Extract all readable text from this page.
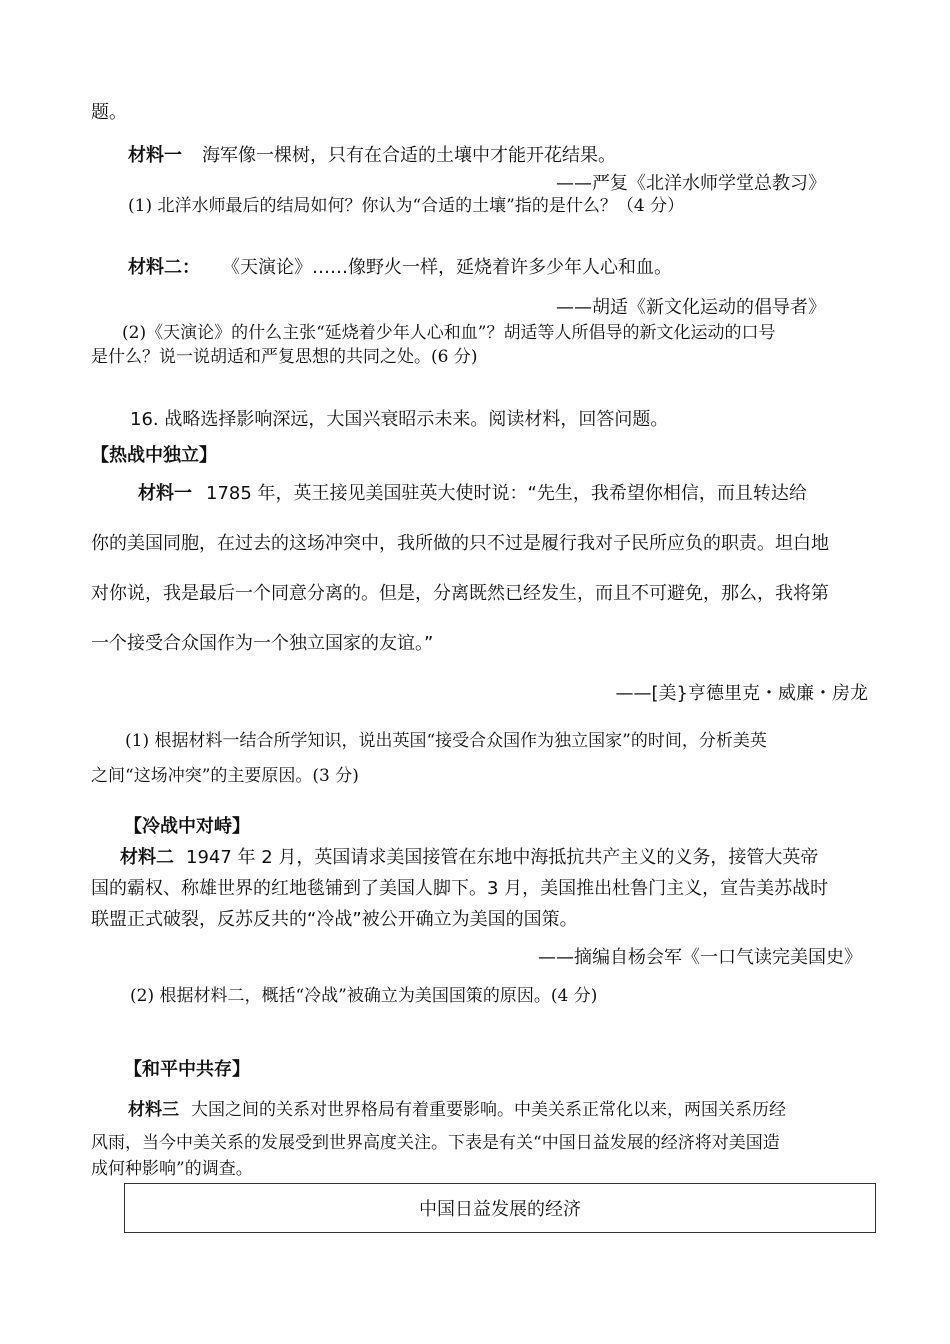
题。
材料一 海军像一棵树，只有在合适的土壤中才能开花结果。
——严复《北洋水师学堂总教习》
(1) 北洋水师最后的结局如何？你认为“合适的土壤”指的是什么？（4 分）
材料二： 《天演论》……像野火一样，延烧着许多少年人心和血。
——胡适《新文化运动的倡导者》
(2)《天演论》的什么主张“延烧着少年人心和血”？胡适等人所倡导的新文化运动的口号
是什么？说一说胡适和严复思想的共同之处。(6 分)
16. 战略选择影响深远，大国兴衰昭示未来。阅读材料，回答问题。
【热战中独立】
材料一 1785 年，英王接见美国驻英大使时说：“先生，我希望你相信，而且转达给
你的美国同胞，在过去的这场冲突中，我所做的只不过是履行我对子民所应负的职责。坦白地
对你说，我是最后一个同意分离的。但是，分离既然已经发生，而且不可避免，那么，我将第
一个接受合众国作为一个独立国家的友谊。”
——[美}亨德里克・威廉・房龙
(1) 根据材料一结合所学知识，说出英国“接受合众国作为独立国家”的时间，分析美英
之间“这场冲突”的主要原因。(3 分)
【冷战中对峙】
材料二 1947 年 2 月，英国请求美国接管在东地中海抵抗共产主义的义务，接管大英帝
国的霸权、称雄世界的红地毯铺到了美国人脚下。3 月，美国推出杜鲁门主义，宣告美苏战时
联盟正式破裂，反苏反共的“冷战”被公开确立为美国的国策。
——摘编自杨会军《一口气读完美国史》
(2) 根据材料二，概括“冷战”被确立为美国国策的原因。(4 分)
【和平中共存】
材料三 大国之间的关系对世界格局有着重要影响。中美关系正常化以来，两国关系历经
风雨，当今中美关系的发展受到世界高度关注。下表是有关“中国日益发展的经济将对美国造
成何种影响”的调查。
中国日益发展的经济
